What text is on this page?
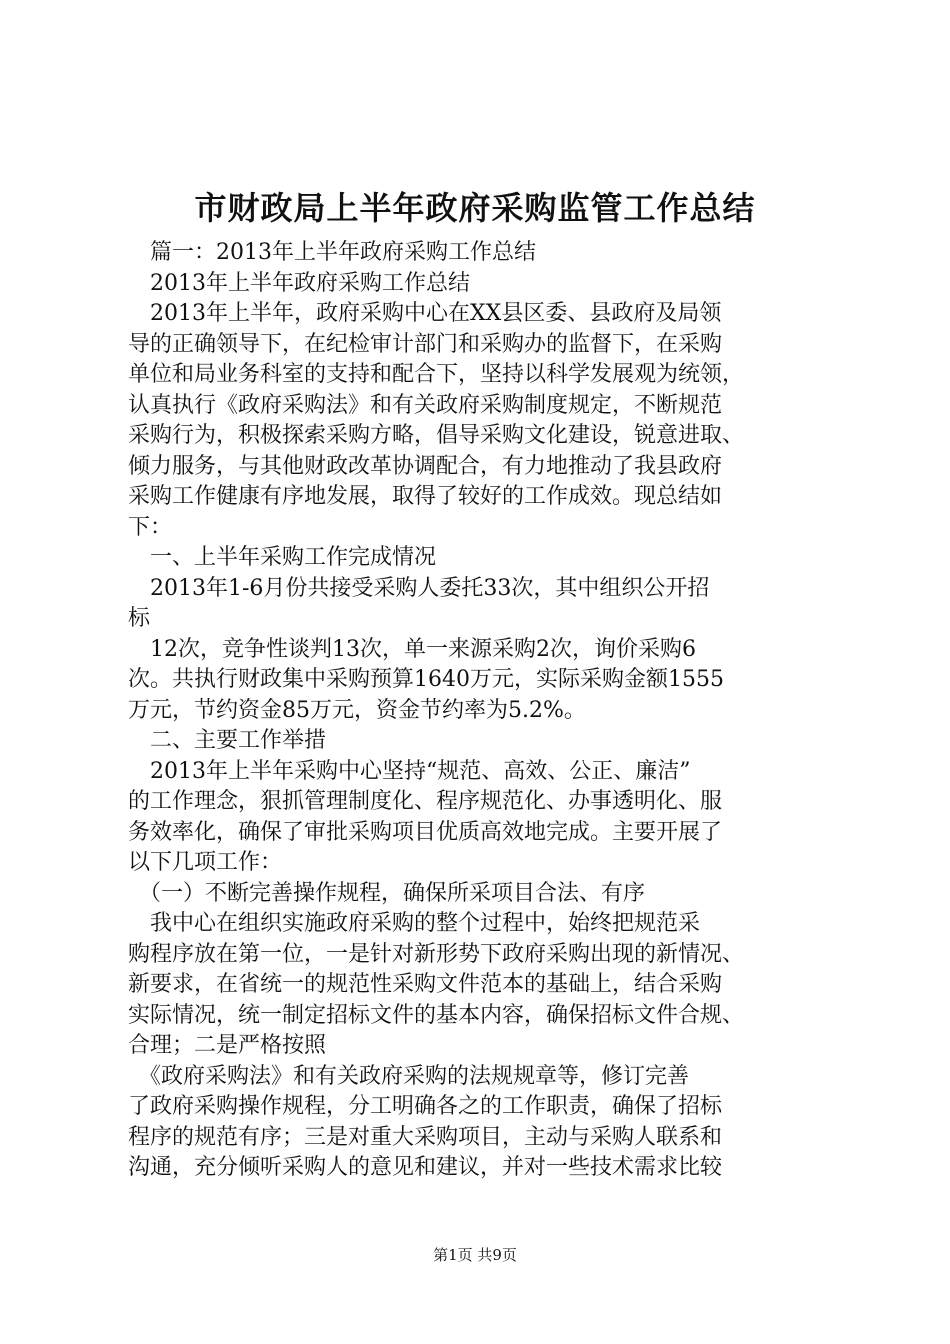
市财政局上半年政府采购监管工作总结
　篇一：2013年上半年政府采购工作总结
　2013年上半年政府采购工作总结
　2013年上半年，政府采购中心在XX县区委、县政府及局领
导的正确领导下，在纪检审计部门和采购办的监督下，在采购
单位和局业务科室的支持和配合下，坚持以科学发展观为统领，
认真执行《政府采购法》和有关政府采购制度规定，不断规范
采购行为，积极探索采购方略，倡导采购文化建设，锐意进取、
倾力服务，与其他财政改革协调配合，有力地推动了我县政府
采购工作健康有序地发展，取得了较好的工作成效。现总结如
下：
　一、上半年采购工作完成情况
　2013年1-6月份共接受采购人委托33次，其中组织公开招
标
　12次，竞争性谈判13次，单一来源采购2次，询价采购6
次。共执行财政集中采购预算1640万元，实际采购金额1555
万元，节约资金85万元，资金节约率为5.2%。
　二、主要工作举措
　2013年上半年采购中心坚持“规范、高效、公正、廉洁”
的工作理念，狠抓管理制度化、程序规范化、办事透明化、服
务效率化，确保了审批采购项目优质高效地完成。主要开展了
以下几项工作：
　（一）不断完善操作规程，确保所采项目合法、有序
　我中心在组织实施政府采购的整个过程中，始终把规范采
购程序放在第一位，一是针对新形势下政府采购出现的新情况、
新要求，在省统一的规范性采购文件范本的基础上，结合采购
实际情况，统一制定招标文件的基本内容，确保招标文件合规、
合理；二是严格按照
　《政府采购法》和有关政府采购的法规规章等，修订完善
了政府采购操作规程，分工明确各之的工作职责，确保了招标
程序的规范有序；三是对重大采购项目，主动与采购人联系和
沟通，充分倾听采购人的意见和建议，并对一些技术需求比较
第1页 共9页
